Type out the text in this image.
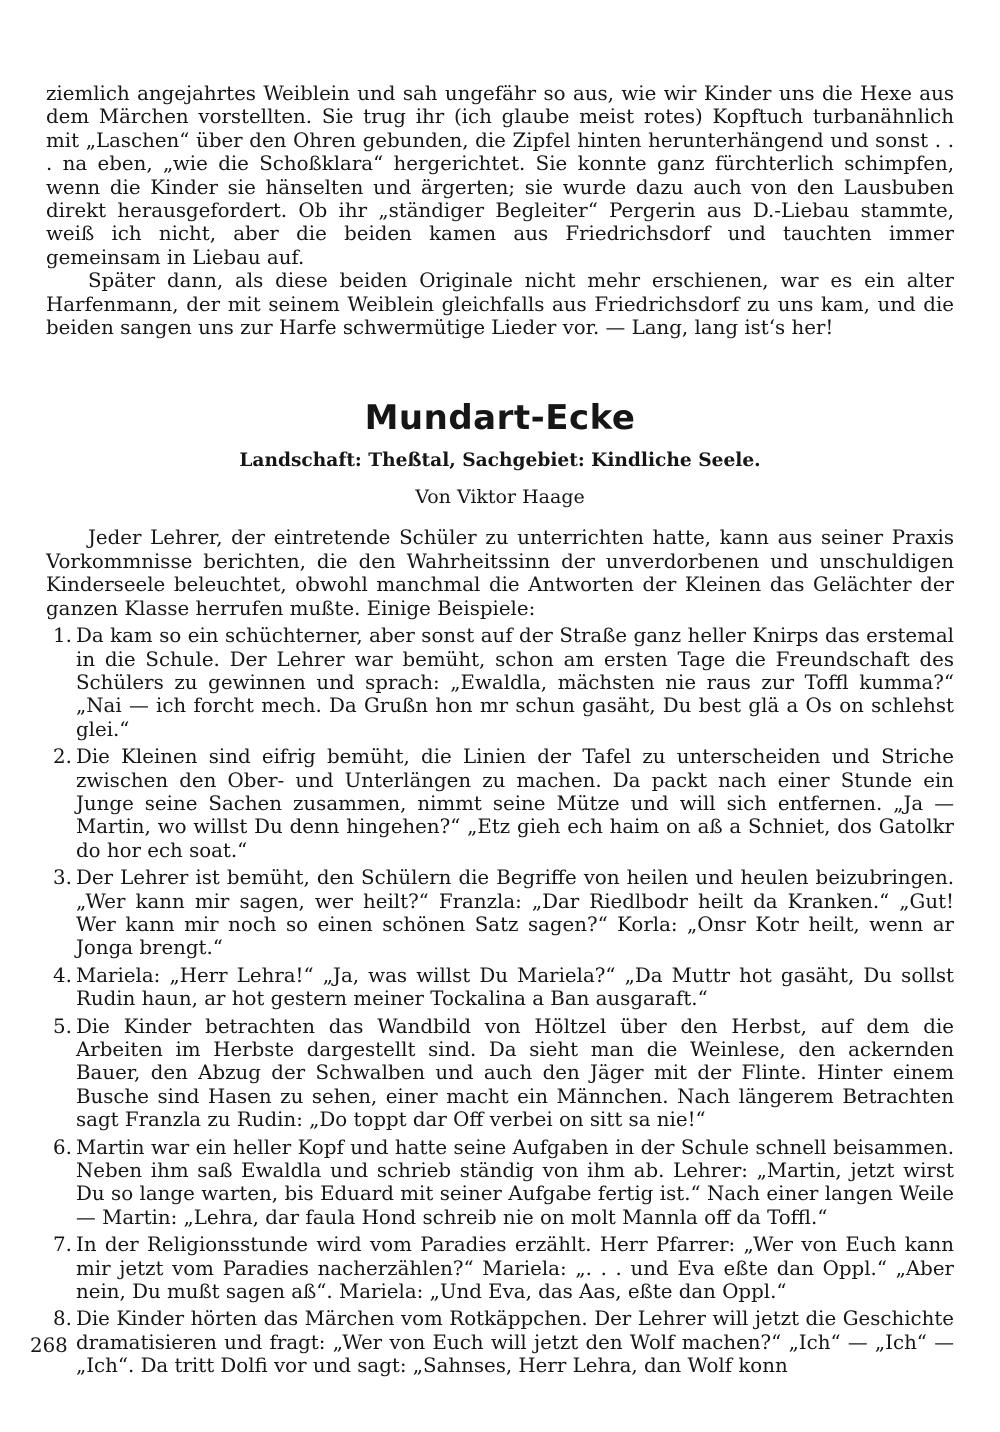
ziemlich angejahrtes Weiblein und sah ungefähr so aus, wie wir Kinder uns die Hexe aus dem Märchen vorstellten. Sie trug ihr (ich glaube meist rotes) Kopftuch turbanähnlich mit „Laschen“ über den Ohren gebunden, die Zipfel hinten herunterhängend und sonst . . . na eben, „wie die Schoßklara“ hergerichtet. Sie konnte ganz fürchterlich schimpfen, wenn die Kinder sie hänselten und ärgerten; sie wurde dazu auch von den Lausbuben direkt herausgefordert. Ob ihr „ständiger Begleiter“ Pergerin aus D.-Liebau stammte, weiß ich nicht, aber die beiden kamen aus Friedrichsdorf und tauchten immer gemeinsam in Liebau auf.

Später dann, als diese beiden Originale nicht mehr erschienen, war es ein alter Harfenmann, der mit seinem Weiblein gleichfalls aus Friedrichsdorf zu uns kam, und die beiden sangen uns zur Harfe schwermütige Lieder vor. — Lang, lang ist‘s her!

Mundart-Ecke
Landschaft: Theßtal, Sachgebiet: Kindliche Seele.
Von Viktor Haage

Jeder Lehrer, der eintretende Schüler zu unterrichten hatte, kann aus seiner Praxis Vorkommnisse berichten, die den Wahrheitssinn der unverdorbenen und unschuldigen Kinderseele beleuchtet, obwohl manchmal die Antworten der Kleinen das Gelächter der ganzen Klasse herrufen mußte. Einige Beispiele:

1. Da kam so ein schüchterner, aber sonst auf der Straße ganz heller Knirps das erstemal in die Schule. Der Lehrer war bemüht, schon am ersten Tage die Freundschaft des Schülers zu gewinnen und sprach: „Ewaldla, mächsten nie raus zur Toffl kumma?“ „Nai — ich forcht mech. Da Grußn hon mr schun gasäht, Du best glä a Os on schlehst glei.“

2. Die Kleinen sind eifrig bemüht, die Linien der Tafel zu unterscheiden und Striche zwischen den Ober- und Unterlängen zu machen. Da packt nach einer Stunde ein Junge seine Sachen zusammen, nimmt seine Mütze und will sich entfernen. „Ja — Martin, wo willst Du denn hingehen?“ „Etz gieh ech haim on aß a Schniet, dos Gatolkr do hor ech soat.“

3. Der Lehrer ist bemüht, den Schülern die Begriffe von heilen und heulen beizubringen. „Wer kann mir sagen, wer heilt?“ Franzla: „Dar Riedlbodr heilt da Kranken.“ „Gut! Wer kann mir noch so einen schönen Satz sagen?“ Korla: „Onsr Kotr heilt, wenn ar Jonga brengt.“

4. Mariela: „Herr Lehra!“ „Ja, was willst Du Mariela?“ „Da Muttr hot gasäht, Du sollst Rudin haun, ar hot gestern meiner Tockalina a Ban ausgaraft.“

5. Die Kinder betrachten das Wandbild von Höltzel über den Herbst, auf dem die Arbeiten im Herbste dargestellt sind. Da sieht man die Weinlese, den ackernden Bauer, den Abzug der Schwalben und auch den Jäger mit der Flinte. Hinter einem Busche sind Hasen zu sehen, einer macht ein Männchen. Nach längerem Betrachten sagt Franzla zu Rudin: „Do toppt dar Off verbei on sitt sa nie!“

6. Martin war ein heller Kopf und hatte seine Aufgaben in der Schule schnell beisammen. Neben ihm saß Ewaldla und schrieb ständig von ihm ab. Lehrer: „Martin, jetzt wirst Du so lange warten, bis Eduard mit seiner Aufgabe fertig ist.“ Nach einer langen Weile — Martin: „Lehra, dar faula Hond schreib nie on molt Mannla off da Toffl.“

7. In der Religionsstunde wird vom Paradies erzählt. Herr Pfarrer: „Wer von Euch kann mir jetzt vom Paradies nacherzählen?“ Mariela: „. . . und Eva eßte dan Oppl.“ „Aber nein, Du mußt sagen aß“. Mariela: „Und Eva, das Aas, eßte dan Oppl.“

8. Die Kinder hörten das Märchen vom Rotkäppchen. Der Lehrer will jetzt die Geschichte dramatisieren und fragt: „Wer von Euch will jetzt den Wolf machen?“ „Ich“ — „Ich“ — „Ich“. Da tritt Dolfi vor und sagt: „Sahnses, Herr Lehra, dan Wolf konn

268
